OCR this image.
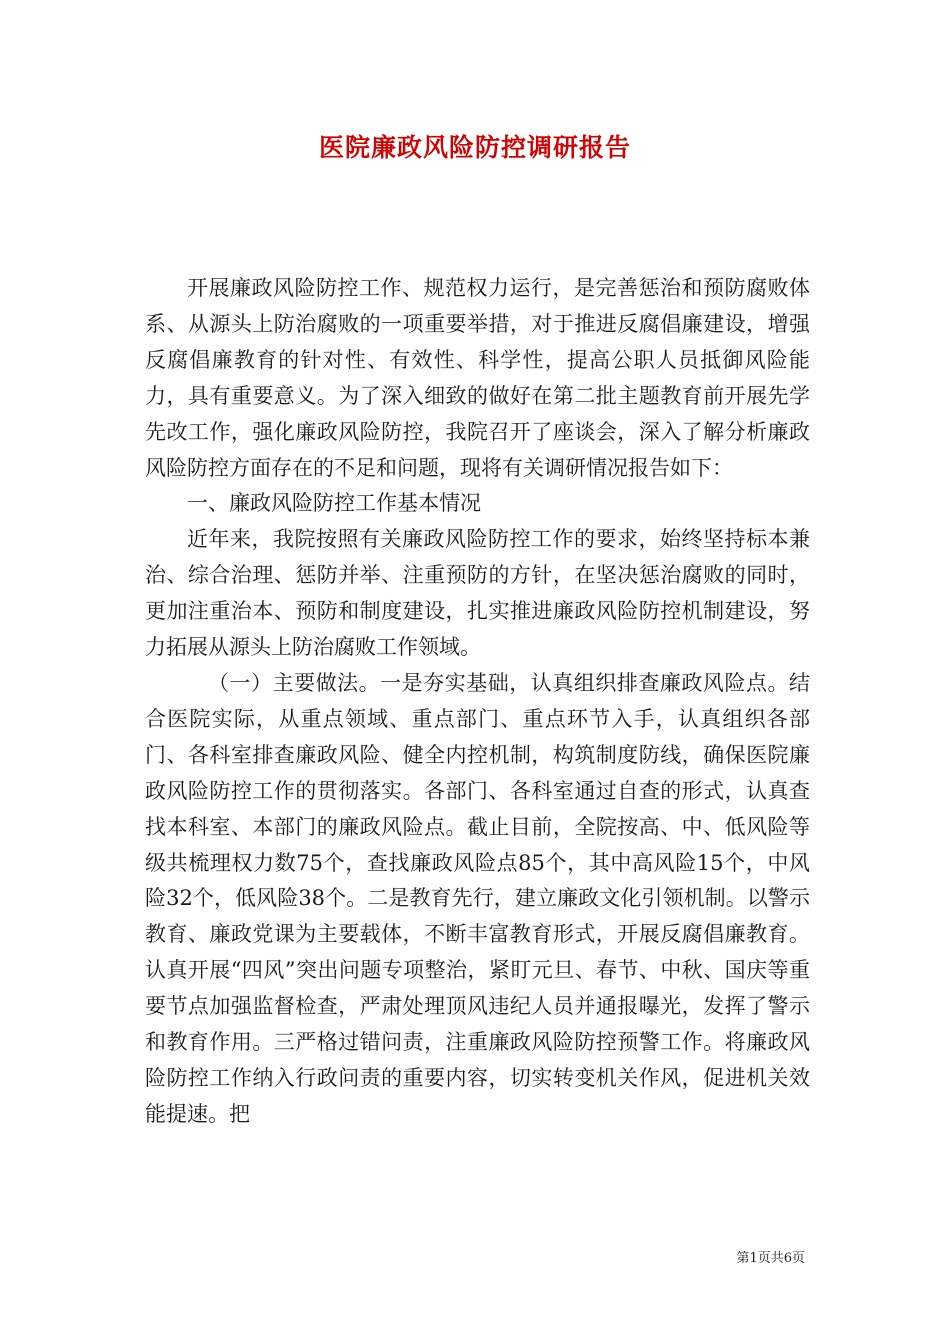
医院廉政风险防控调研报告

开展廉政风险防控工作、规范权力运行，是完善惩治和预防腐败体系、从源头上防治腐败的一项重要举措，对于推进反腐倡廉建设，增强反腐倡廉教育的针对性、有效性、科学性，提高公职人员抵御风险能力，具有重要意义。为了深入细致的做好在第二批主题教育前开展先学先改工作，强化廉政风险防控，我院召开了座谈会，深入了解分析廉政风险防控方面存在的不足和问题，现将有关调研情况报告如下：

一、廉政风险防控工作基本情况

近年来，我院按照有关廉政风险防控工作的要求，始终坚持标本兼治、综合治理、惩防并举、注重预防的方针，在坚决惩治腐败的同时，更加注重治本、预防和制度建设，扎实推进廉政风险防控机制建设，努力拓展从源头上防治腐败工作领域。

（一）主要做法。一是夯实基础，认真组织排查廉政风险点。结合医院实际，从重点领域、重点部门、重点环节入手，认真组织各部门、各科室排查廉政风险、健全内控机制，构筑制度防线，确保医院廉政风险防控工作的贯彻落实。各部门、各科室通过自查的形式，认真查找本科室、本部门的廉政风险点。截止目前，全院按高、中、低风险等级共梳理权力数75个，查找廉政风险点85个，其中高风险15个，中风险32个，低风险38个。二是教育先行，建立廉政文化引领机制。以警示教育、廉政党课为主要载体，不断丰富教育形式，开展反腐倡廉教育。认真开展“四风”突出问题专项整治，紧盯元旦、春节、中秋、国庆等重要节点加强监督检查，严肃处理顶风违纪人员并通报曝光，发挥了警示和教育作用。三严格过错问责，注重廉政风险防控预警工作。将廉政风险防控工作纳入行政问责的重要内容，切实转变机关作风，促进机关效能提速。把

第1页共6页
